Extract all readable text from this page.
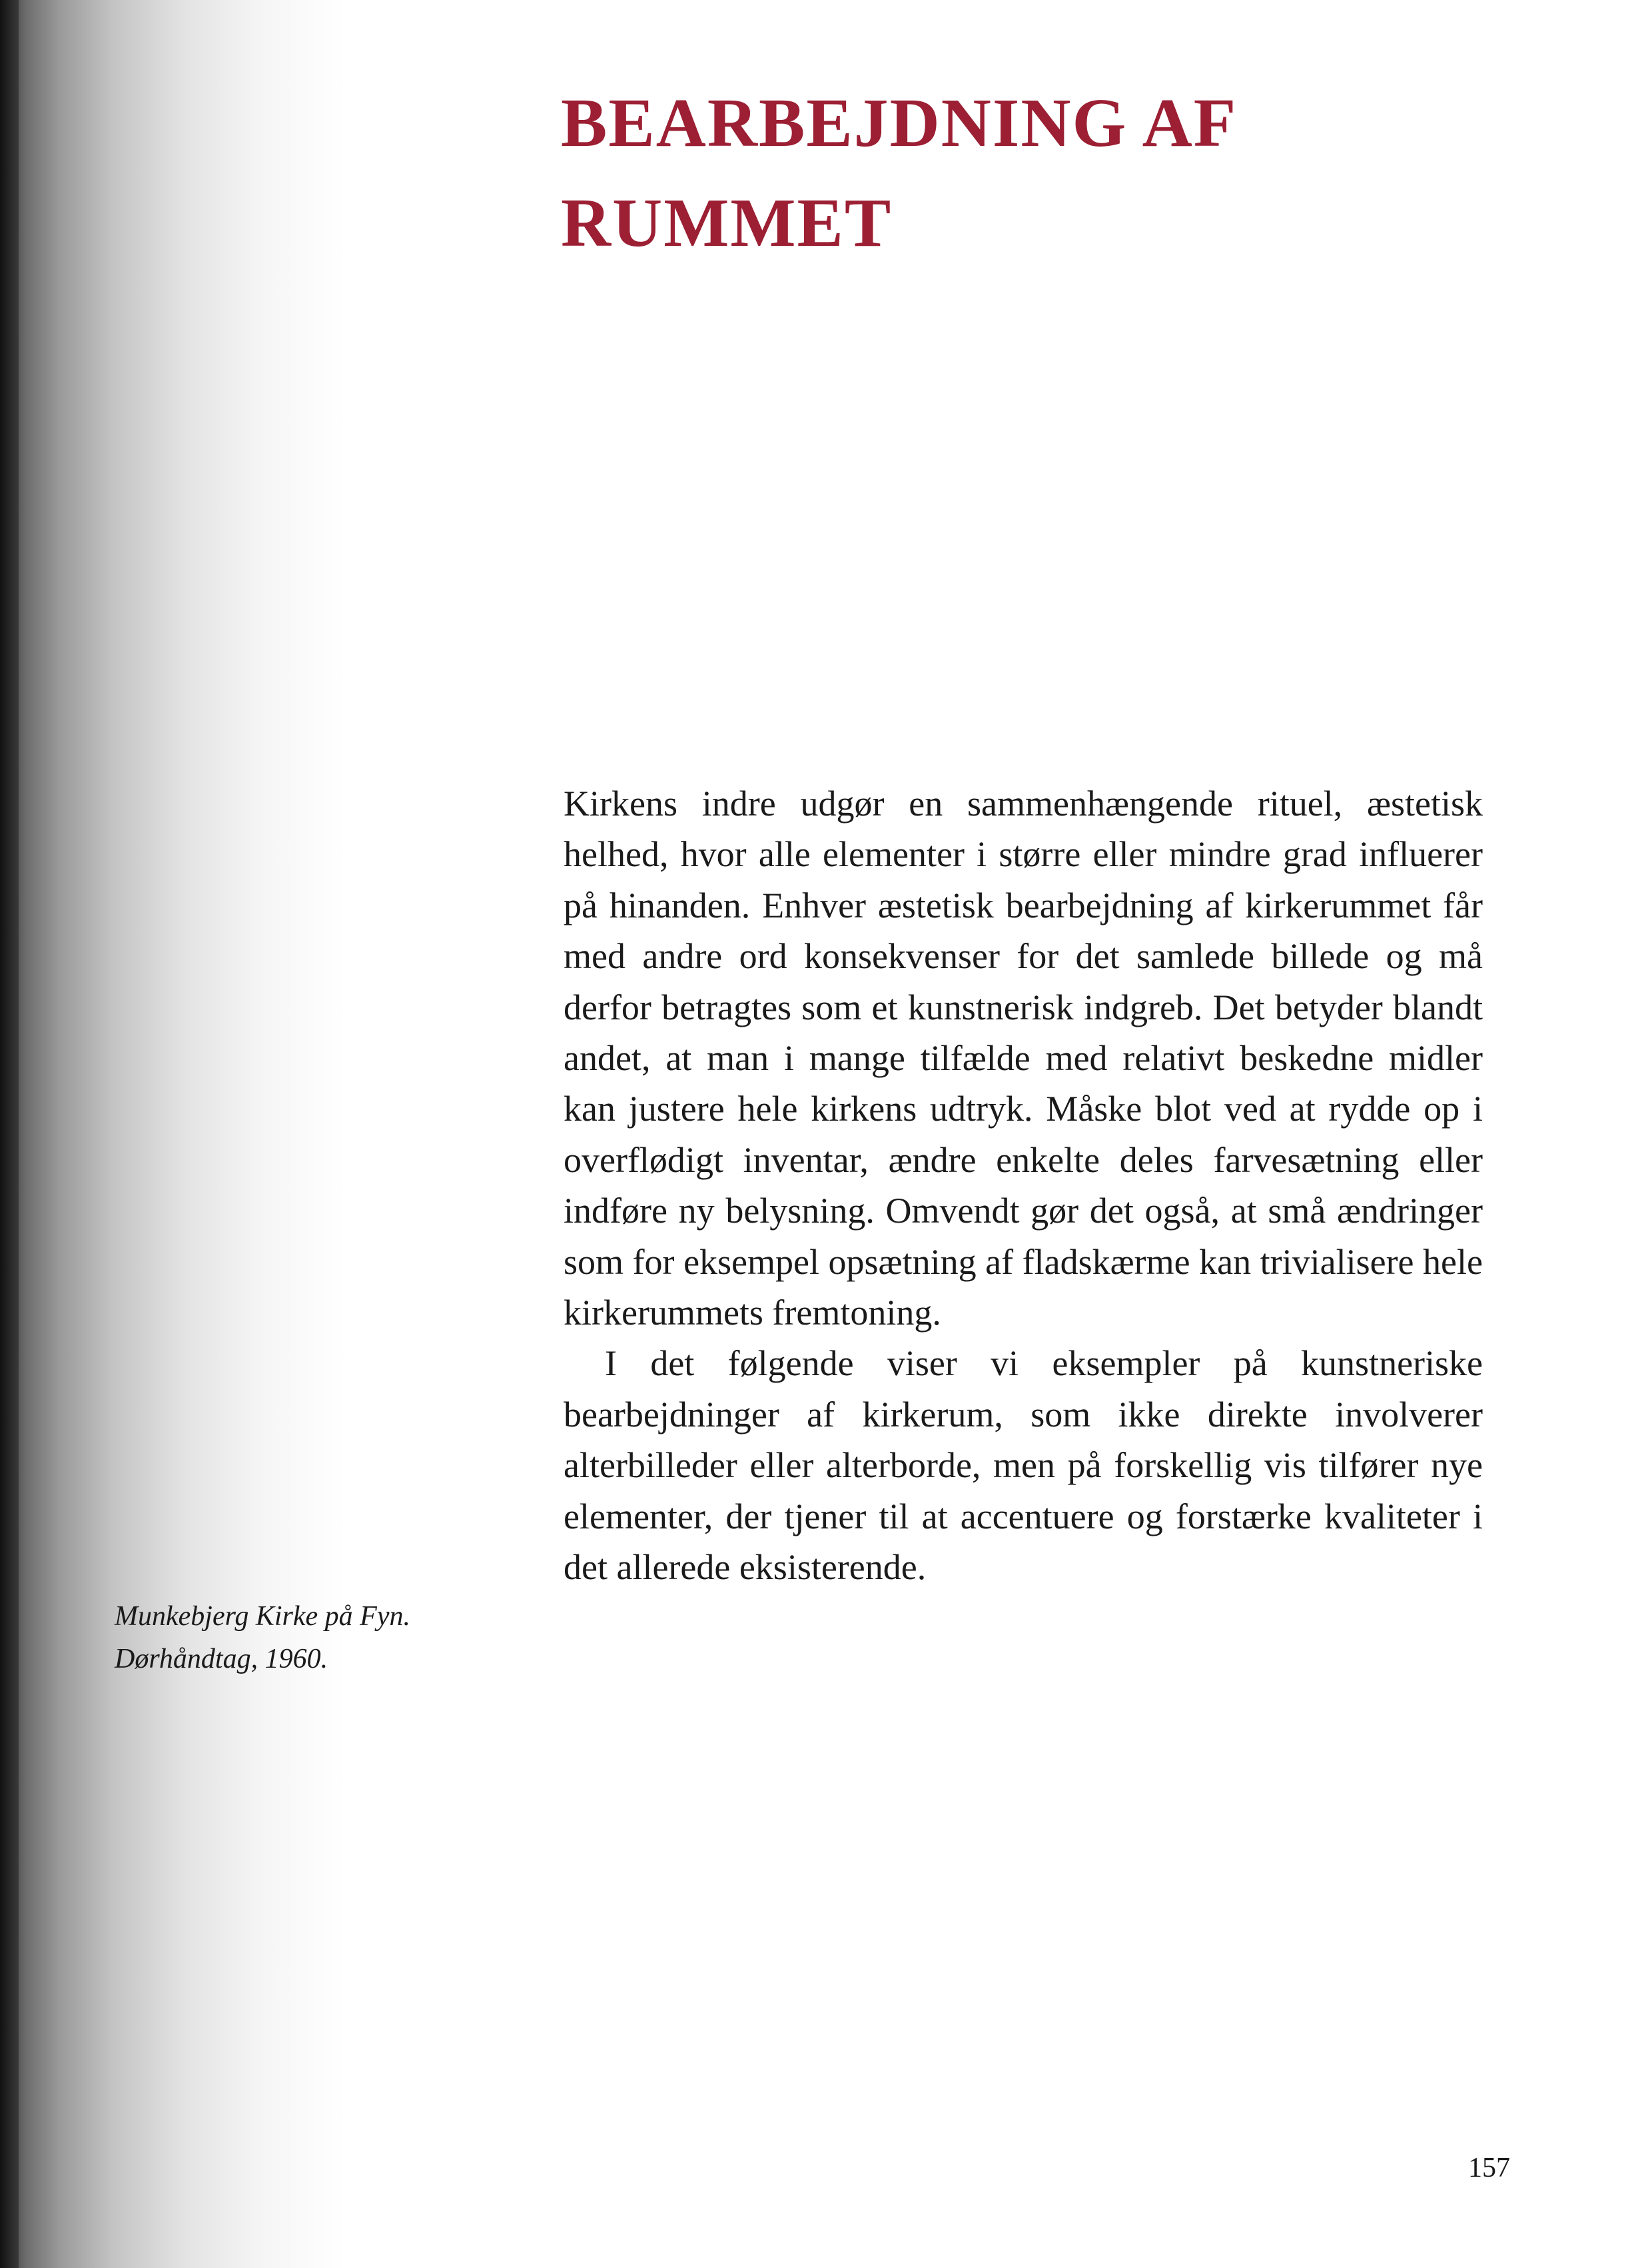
BEARBEJDNING AF
RUMMET

Kirkens indre udgør en sammenhængende rituel, æstetisk helhed, hvor alle elementer i større eller mindre grad influerer på hinanden. Enhver æstetisk bearbejdning af kirkerummet får med andre ord konsekvenser for det samlede billede og må derfor betragtes som et kunstnerisk indgreb. Det betyder blandt andet, at man i mange tilfælde med relativt beskedne midler kan justere hele kirkens udtryk. Måske blot ved at rydde op i overflødigt inventar, ændre enkelte deles farvesætning eller indføre ny belysning. Omvendt gør det også, at små ændringer som for eksempel opsætning af fladskærme kan trivialisere hele kirkerummets fremtoning.

I det følgende viser vi eksempler på kunstneriske bearbejdninger af kirkerum, som ikke direkte involverer alterbilleder eller alterborde, men på forskellig vis tilfører nye elementer, der tjener til at accentuere og forstærke kvaliteter i det allerede eksisterende.

Munkebjerg Kirke på Fyn.
Dørhåndtag, 1960.
157
